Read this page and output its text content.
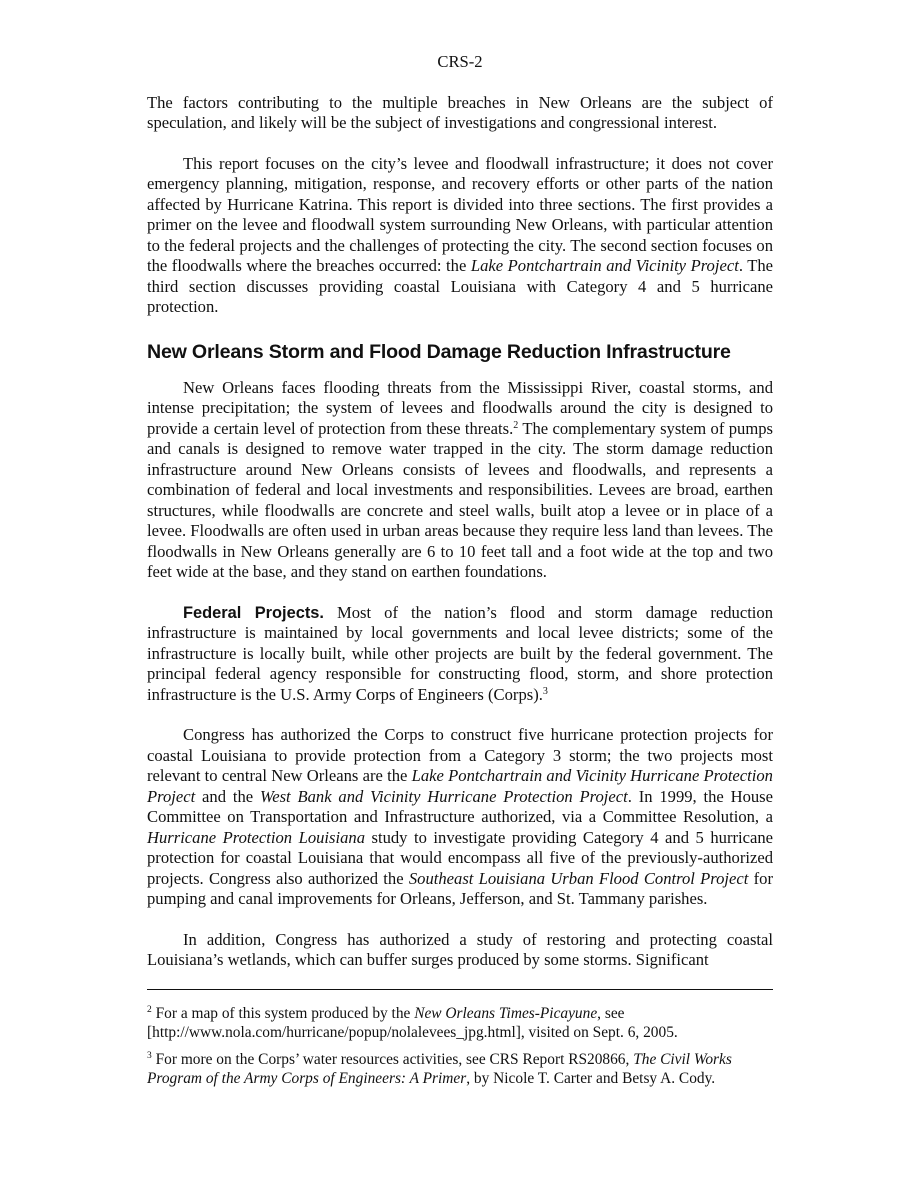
CRS-2

The factors contributing to the multiple breaches in New Orleans are the subject of speculation, and likely will be the subject of investigations and congressional interest.

This report focuses on the city’s levee and floodwall infrastructure; it does not cover emergency planning, mitigation, response, and recovery efforts or other parts of the nation affected by Hurricane Katrina. This report is divided into three sections. The first provides a primer on the levee and floodwall system surrounding New Orleans, with particular attention to the federal projects and the challenges of protecting the city. The second section focuses on the floodwalls where the breaches occurred: the Lake Pontchartrain and Vicinity Project. The third section discusses providing coastal Louisiana with Category 4 and 5 hurricane protection.

New Orleans Storm and Flood Damage Reduction Infrastructure

New Orleans faces flooding threats from the Mississippi River, coastal storms, and intense precipitation; the system of levees and floodwalls around the city is designed to provide a certain level of protection from these threats.$^2$ The complementary system of pumps and canals is designed to remove water trapped in the city. The storm damage reduction infrastructure around New Orleans consists of levees and floodwalls, and represents a combination of federal and local investments and responsibilities. Levees are broad, earthen structures, while floodwalls are concrete and steel walls, built atop a levee or in place of a levee. Floodwalls are often used in urban areas because they require less land than levees. The floodwalls in New Orleans generally are 6 to 10 feet tall and a foot wide at the top and two feet wide at the base, and they stand on earthen foundations.

Federal Projects. Most of the nation’s flood and storm damage reduction infrastructure is maintained by local governments and local levee districts; some of the infrastructure is locally built, while other projects are built by the federal government. The principal federal agency responsible for constructing flood, storm, and shore protection infrastructure is the U.S. Army Corps of Engineers (Corps).$^3$

Congress has authorized the Corps to construct five hurricane protection projects for coastal Louisiana to provide protection from a Category 3 storm; the two projects most relevant to central New Orleans are the Lake Pontchartrain and Vicinity Hurricane Protection Project and the West Bank and Vicinity Hurricane Protection Project. In 1999, the House Committee on Transportation and Infrastructure authorized, via a Committee Resolution, a Hurricane Protection Louisiana study to investigate providing Category 4 and 5 hurricane protection for coastal Louisiana that would encompass all five of the previously-authorized projects. Congress also authorized the Southeast Louisiana Urban Flood Control Project for pumping and canal improvements for Orleans, Jefferson, and St. Tammany parishes.

In addition, Congress has authorized a study of restoring and protecting coastal Louisiana’s wetlands, which can buffer surges produced by some storms. Significant

$^2$ For a map of this system produced by the New Orleans Times-Picayune, see [http://www.nola.com/hurricane/popup/nolalevees_jpg.html], visited on Sept. 6, 2005.

$^3$ For more on the Corps’ water resources activities, see CRS Report RS20866, The Civil Works Program of the Army Corps of Engineers: A Primer, by Nicole T. Carter and Betsy A. Cody.
